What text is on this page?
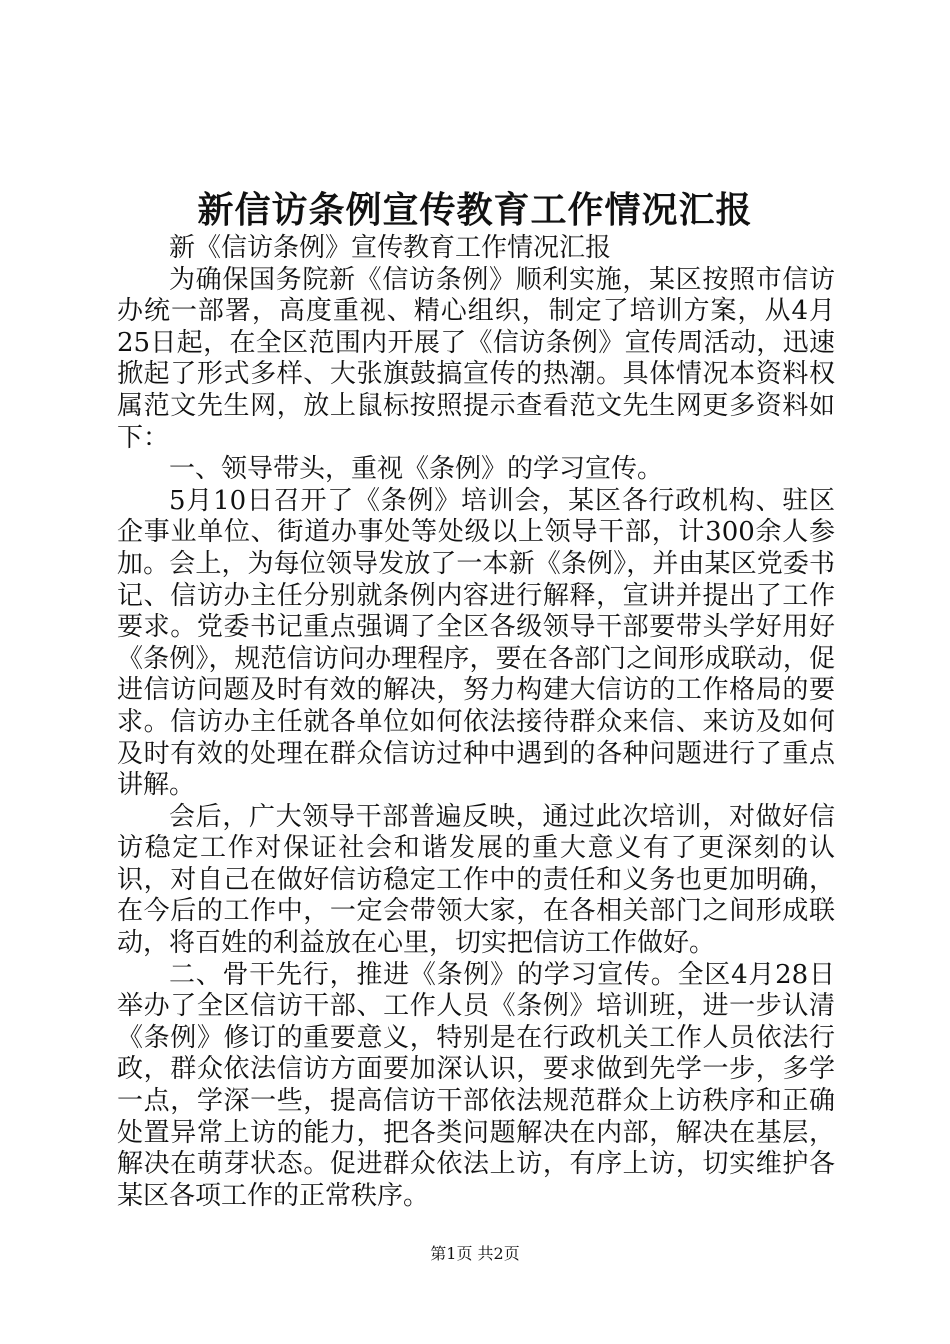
新信访条例宣传教育工作情况汇报

新《信访条例》宣传教育工作情况汇报

为确保国务院新《信访条例》顺利实施，某区按照市信访办统一部署，高度重视、精心组织，制定了培训方案，从4月25日起，在全区范围内开展了《信访条例》宣传周活动，迅速掀起了形式多样、大张旗鼓搞宣传的热潮。具体情况本资料权属范文先生网，放上鼠标按照提示查看范文先生网更多资料如下：

一、领导带头，重视《条例》的学习宣传。

5月10日召开了《条例》培训会，某区各行政机构、驻区企事业单位、街道办事处等处级以上领导干部，计300余人参加。会上，为每位领导发放了一本新《条例》，并由某区党委书记、信访办主任分别就条例内容进行解释，宣讲并提出了工作要求。党委书记重点强调了全区各级领导干部要带头学好用好《条例》，规范信访问办理程序，要在各部门之间形成联动，促进信访问题及时有效的解决，努力构建大信访的工作格局的要求。信访办主任就各单位如何依法接待群众来信、来访及如何及时有效的处理在群众信访过种中遇到的各种问题进行了重点讲解。

会后，广大领导干部普遍反映，通过此次培训，对做好信访稳定工作对保证社会和谐发展的重大意义有了更深刻的认识，对自己在做好信访稳定工作中的责任和义务也更加明确，在今后的工作中，一定会带领大家，在各相关部门之间形成联动，将百姓的利益放在心里，切实把信访工作做好。

二、骨干先行，推进《条例》的学习宣传。全区4月28日举办了全区信访干部、工作人员《条例》培训班，进一步认清《条例》修订的重要意义，特别是在行政机关工作人员依法行政，群众依法信访方面要加深认识，要求做到先学一步，多学一点，学深一些，提高信访干部依法规范群众上访秩序和正确处置异常上访的能力，把各类问题解决在内部，解决在基层，解决在萌芽状态。促进群众依法上访，有序上访，切实维护各某区各项工作的正常秩序。

第1页 共2页
